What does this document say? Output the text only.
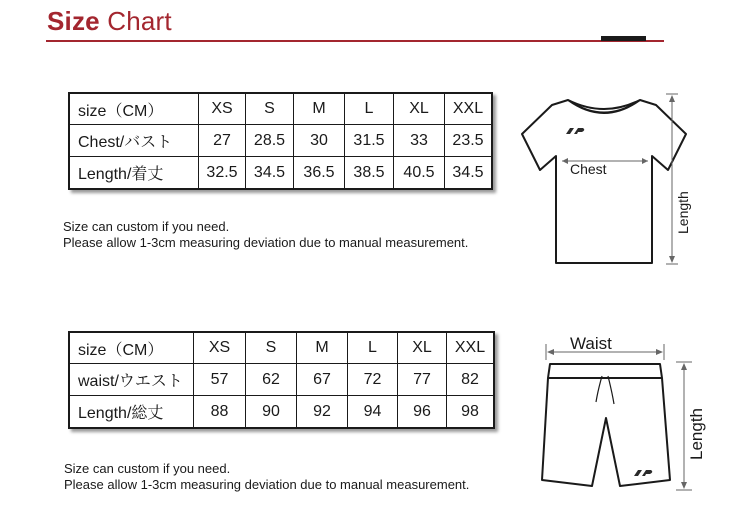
Size Chart
size（CM）	XS	S	M	L	XL	XXL
Chest/バスト	27	28.5	30	31.5	33	23.5
Length/着丈	32.5	34.5	36.5	38.5	40.5	34.5
Size can custom if you need.
Please allow 1-3cm measuring deviation due to manual measurement.
Chest
Length
size（CM）	XS	S	M	L	XL	XXL
waist/ウエスト	57	62	67	72	77	82
Length/総丈	88	90	92	94	96	98
Size can custom if you need.
Please allow 1-3cm measuring deviation due to manual measurement.
Waist
Length
